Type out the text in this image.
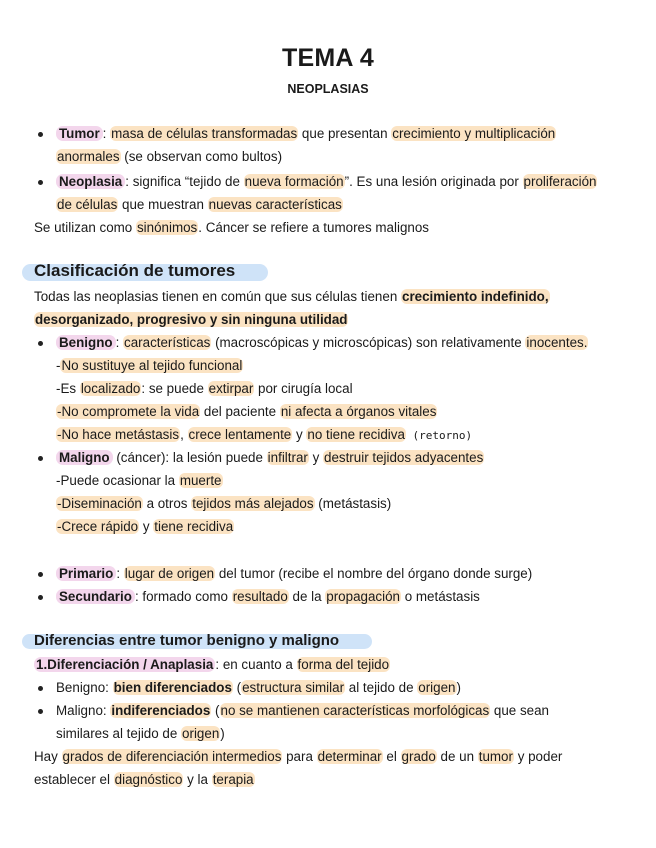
TEMA 4
NEOPLASIAS
Tumor : masa de células transformadas que presentan crecimiento y multiplicación
anormales (se observan como bultos)
Neoplasia : significa “tejido de nueva formación”. Es una lesión originada por proliferación
de células que muestran nuevas características
Se utilizan como sinónimos. Cáncer se refiere a tumores malignos
Clasificación de tumores
Todas las neoplasias tienen en común que sus células tienen crecimiento indefinido,
desorganizado, progresivo y sin ninguna utilidad
Benigno : características (macroscópicas y microscópicas) son relativamente inocentes.
-No sustituye al tejido funcional
-Es localizado: se puede extirpar por cirugía local
-No compromete la vida del paciente ni afecta a órganos vitales
-No hace metástasis, crece lentamente y no tiene recidiva (retorno)
Maligno (cáncer): la lesión puede infiltrar y destruir tejidos adyacentes
-Puede ocasionar la muerte
-Diseminación a otros tejidos más alejados (metástasis)
-Crece rápido y tiene recidiva
Primario : lugar de origen del tumor (recibe el nombre del órgano donde surge)
Secundario : formado como resultado de la propagación o metástasis
Diferencias entre tumor benigno y maligno
1.Diferenciación / Anaplasia : en cuanto a forma del tejido
Benigno: bien diferenciados (estructura similar al tejido de origen)
Maligno: indiferenciados (no se mantienen características morfológicas que sean
similares al tejido de origen)
Hay grados de diferenciación intermedios para determinar el grado de un tumor y poder
establecer el diagnóstico y la terapia
